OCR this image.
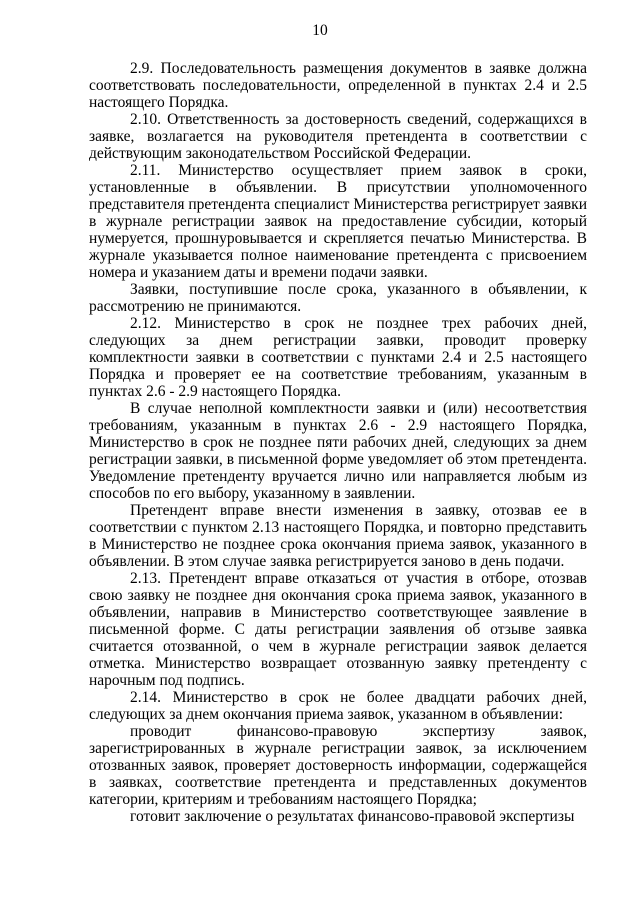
10

2.9. Последовательность размещения документов в заявке должна соответствовать последовательности, определенной в пунктах 2.4 и 2.5 настоящего Порядка.

2.10. Ответственность за достоверность сведений, содержащихся в заявке, возлагается на руководителя претендента в соответствии с действующим законодательством Российской Федерации.

2.11. Министерство осуществляет прием заявок в сроки, установленные в объявлении. В присутствии уполномоченного представителя претендента специалист Министерства регистрирует заявки в журнале регистрации заявок на предоставление субсидии, который нумеруется, прошнуровывается и скрепляется печатью Министерства. В журнале указывается полное наименование претендента с присвоением номера и указанием даты и времени подачи заявки.

Заявки, поступившие после срока, указанного в объявлении, к рассмотрению не принимаются.

2.12. Министерство в срок не позднее трех рабочих дней, следующих за днем регистрации заявки, проводит проверку комплектности заявки в соответствии с пунктами 2.4 и 2.5 настоящего Порядка и проверяет ее на соответствие требованиям, указанным в пунктах 2.6 - 2.9 настоящего Порядка.

В случае неполной комплектности заявки и (или) несоответствия требованиям, указанным в пунктах 2.6 - 2.9 настоящего Порядка, Министерство в срок не позднее пяти рабочих дней, следующих за днем регистрации заявки, в письменной форме уведомляет об этом претендента. Уведомление претенденту вручается лично или направляется любым из способов по его выбору, указанному в заявлении.

Претендент вправе внести изменения в заявку, отозвав ее в соответствии с пунктом 2.13 настоящего Порядка, и повторно представить в Министерство не позднее срока окончания приема заявок, указанного в объявлении. В этом случае заявка регистрируется заново в день подачи.

2.13. Претендент вправе отказаться от участия в отборе, отозвав свою заявку не позднее дня окончания срока приема заявок, указанного в объявлении, направив в Министерство соответствующее заявление в письменной форме. С даты регистрации заявления об отзыве заявка считается отозванной, о чем в журнале регистрации заявок делается отметка. Министерство возвращает отозванную заявку претенденту с нарочным под подпись.

2.14. Министерство в срок не более двадцати рабочих дней, следующих за днем окончания приема заявок, указанном в объявлении:

проводит финансово-правовую экспертизу заявок, зарегистрированных в журнале регистрации заявок, за исключением отозванных заявок, проверяет достоверность информации, содержащейся в заявках, соответствие претендента и представленных документов категории, критериям и требованиям настоящего Порядка;

готовит заключение о результатах финансово-правовой экспертизы
